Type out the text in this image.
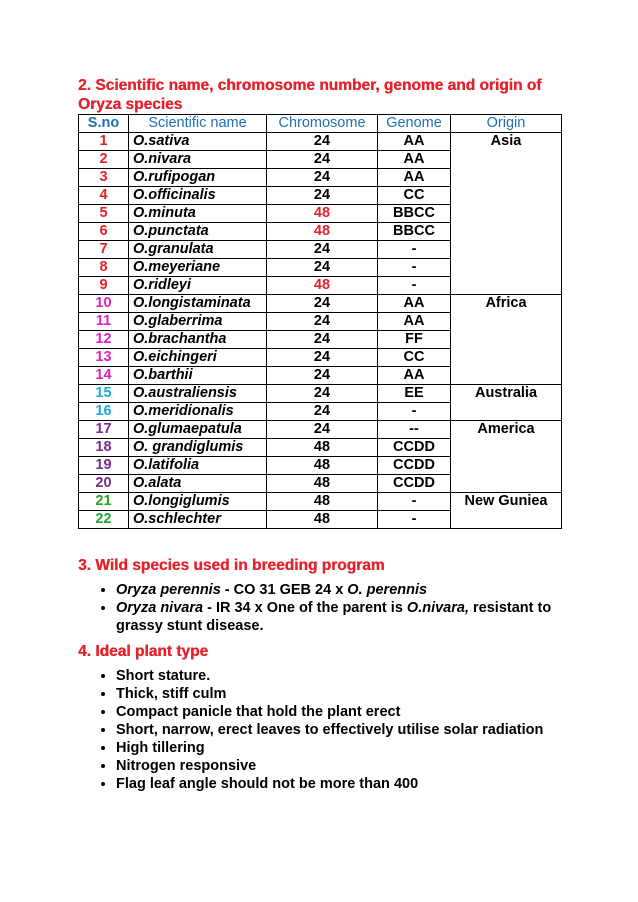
2. Scientific name, chromosome number, genome and origin of Oryza species
S.no	Scientific name	Chromosome	Genome	Origin
1	O.sativa	24	AA	Asia
2	O.nivara	24	AA	
3	O.rufipogan	24	AA	
4	O.officinalis	24	CC	
5	O.minuta	48	BBCC	
6	O.punctata	48	BBCC	
7	O.granulata	24	-	
8	O.meyeriane	24	-	
9	O.ridleyi	48	-	
10	O.longistaminata	24	AA	Africa
11	O.glaberrima	24	AA	
12	O.brachantha	24	FF	
13	O.eichingeri	24	CC	
14	O.barthii	24	AA	
15	O.australiensis	24	EE	Australia
16	O.meridionalis	24	-	
17	O.glumaepatula	24	--	America
18	O. grandiglumis	48	CCDD	
19	O.latifolia	48	CCDD	
20	O.alata	48	CCDD	
21	O.longiglumis	48	-	New Guniea
22	O.schlechter	48	-	
3. Wild species used in breeding program
• Oryza perennis - CO 31 GEB 24 x O. perennis
• Oryza nivara - IR 34 x One of the parent is O.nivara, resistant to grassy stunt disease.
4. Ideal plant type
• Short stature.
• Thick, stiff culm
• Compact panicle that hold the plant erect
• Short, narrow, erect leaves to effectively utilise solar radiation
• High tillering
• Nitrogen responsive
• Flag leaf angle should not be more than 400
